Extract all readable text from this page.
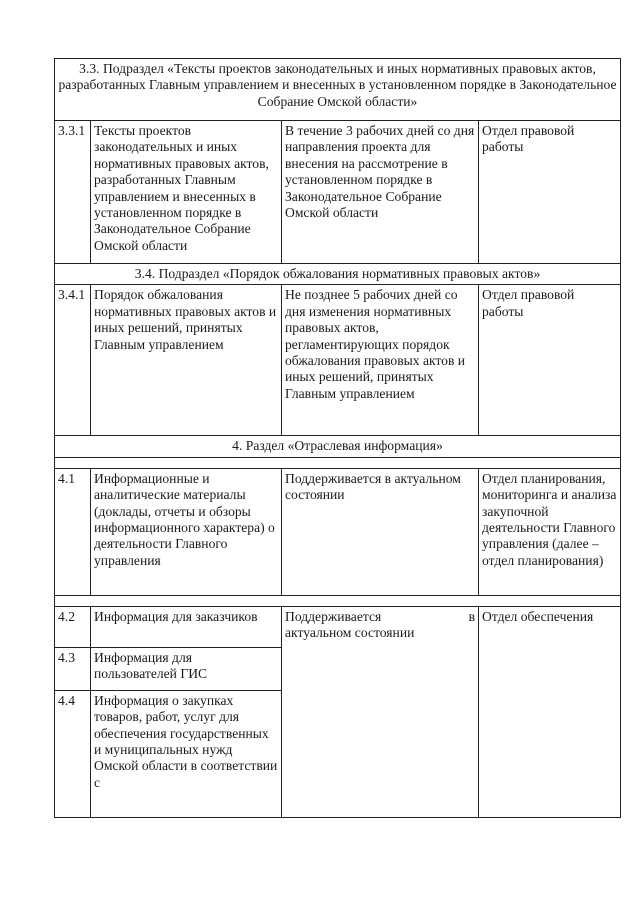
3.3. Подраздел «Тексты проектов законодательных и иных нормативных правовых актов, разработанных Главным управлением и внесенных в установленном порядке в Законодательное Собрание Омской области»			
3.3.1	Тексты проектов законодательных и иных нормативных правовых актов, разработанных Главным управлением и внесенных в установленном порядке в Законодательное Собрание Омской области	В течение 3 рабочих дней со дня направления проекта для внесения на рассмотрение в установленном порядке в Законодательное Собрание Омской области	Отдел правовой работы
3.4. Подраздел «Порядок обжалования нормативных правовых актов»			
3.4.1	Порядок обжалования нормативных правовых актов и иных решений, принятых Главным управлением	Не позднее 5 рабочих дней со дня изменения нормативных правовых актов, регламентирующих порядок обжалования правовых актов и иных решений, принятых Главным управлением	Отдел правовой работы
4. Раздел «Отраслевая информация»			

4.1	Информационные и аналитические материалы (доклады, отчеты и обзоры информационного характера) о деятельности Главного управления	Поддерживается в актуальном состоянии	Отдел планирования, мониторинга и анализа закупочной деятельности Главного управления (далее – отдел планирования)

4.2	Информация для заказчиков	Поддерживается в
актуальном состоянии	Отдел обеспечения
4.3	Информация для пользователей ГИС		
4.4	Информация о закупках товаров, работ, услуг для обеспечения государственных и муниципальных нужд Омской области в соответствии с		
